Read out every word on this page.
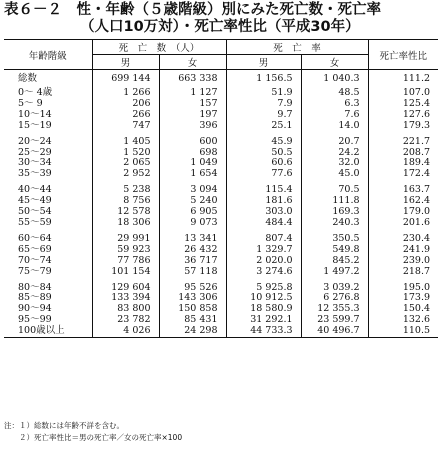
表６－２　性・年齢（５歳階級）別にみた死亡数・死亡率
（人口10万対）・死亡率性比（平成30年）
年齢階級	死　亡　数　（人）		死　亡　率		死亡率性比
	男	女	男	女	
総数	699 144	663 338	1 156.5	1 040.3	111.2
0～ 4歳	1 266	1 127	51.9	48.5	107.0
5～ 9	206	157	7.9	6.3	125.4
10～14	266	197	9.7	7.6	127.6
15～19	747	396	25.1	14.0	179.3

20～24	1 405	600	45.9	20.7	221.7
25～29	1 520	698	50.5	24.2	208.7
30～34	2 065	1 049	60.6	32.0	189.4
35～39	2 952	1 654	77.6	45.0	172.4

40～44	5 238	3 094	115.4	70.5	163.7
45～49	8 756	5 240	181.6	111.8	162.4
50～54	12 578	6 905	303.0	169.3	179.0
55～59	18 306	9 073	484.4	240.3	201.6

60～64	29 991	13 341	807.4	350.5	230.4
65～69	59 923	26 432	1 329.7	549.8	241.9
70～74	77 786	36 717	2 020.0	845.2	239.0
75～79	101 154	57 118	3 274.6	1 497.2	218.7

80～84	129 604	95 526	5 925.8	3 039.2	195.0
85～89	133 394	143 306	10 912.5	6 276.8	173.9
90～94	83 800	150 858	18 580.9	12 355.3	150.4
95～99	23 782	85 431	31 292.1	23 599.7	132.6
100歳以上	4 026	24 298	44 733.3	40 496.7	110.5
注：１）総数には年齢不詳を含む。
　　２）死亡率性比＝男の死亡率／女の死亡率×100
